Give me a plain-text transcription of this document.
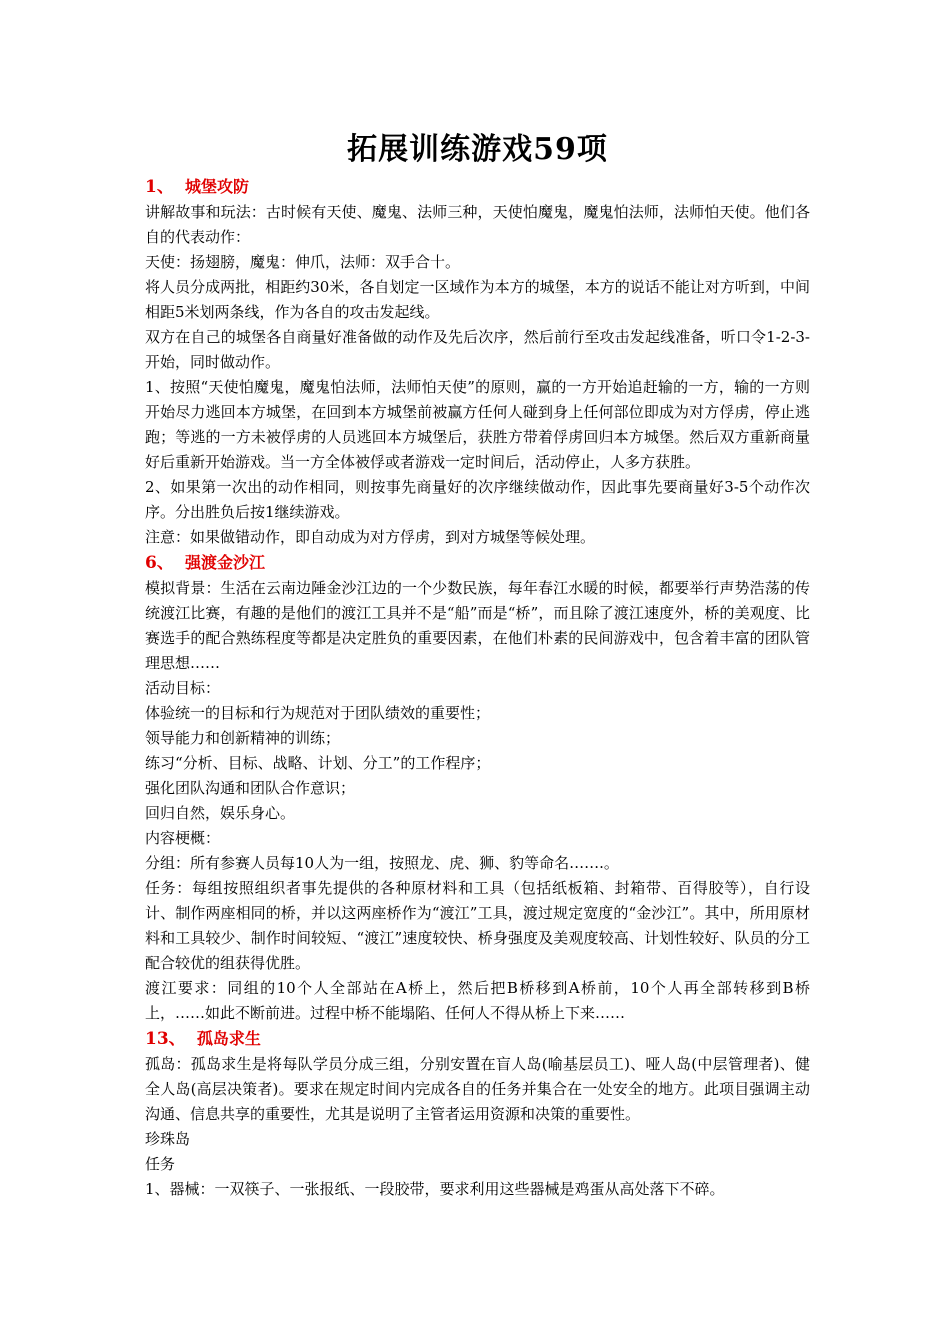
拓展训练游戏59项
1、 城堡攻防

讲解故事和玩法：古时候有天使、魔鬼、法师三种，天使怕魔鬼，魔鬼怕法师，法师怕天使。他们各自的代表动作：

天使：扬翅膀，魔鬼：伸爪，法师：双手合十。

将人员分成两批，相距约30米，各自划定一区域作为本方的城堡，本方的说话不能让对方听到，中间相距5米划两条线，作为各自的攻击发起线。

双方在自己的城堡各自商量好准备做的动作及先后次序，然后前行至攻击发起线准备，听口令1-2-3-开始，同时做动作。

1、按照“天使怕魔鬼，魔鬼怕法师，法师怕天使”的原则，赢的一方开始追赶输的一方，输的一方则开始尽力逃回本方城堡，在回到本方城堡前被赢方任何人碰到身上任何部位即成为对方俘虏，停止逃跑；等逃的一方未被俘虏的人员逃回本方城堡后，获胜方带着俘虏回归本方城堡。然后双方重新商量好后重新开始游戏。当一方全体被俘或者游戏一定时间后，活动停止，人多方获胜。

2、如果第一次出的动作相同，则按事先商量好的次序继续做动作，因此事先要商量好3-5个动作次序。分出胜负后按1继续游戏。

注意：如果做错动作，即自动成为对方俘虏，到对方城堡等候处理。

6、 强渡金沙江

模拟背景：生活在云南边陲金沙江边的一个少数民族，每年春江水暖的时候，都要举行声势浩荡的传统渡江比赛，有趣的是他们的渡江工具并不是“船”而是“桥”，而且除了渡江速度外，桥的美观度、比赛选手的配合熟练程度等都是决定胜负的重要因素，在他们朴素的民间游戏中，包含着丰富的团队管理思想……

活动目标：

体验统一的目标和行为规范对于团队绩效的重要性；

领导能力和创新精神的训练；

练习“分析、目标、战略、计划、分工”的工作程序；

强化团队沟通和团队合作意识；

回归自然，娱乐身心。

内容梗概：

分组：所有参赛人员每10人为一组，按照龙、虎、狮、豹等命名…….。

任务：每组按照组织者事先提供的各种原材料和工具（包括纸板箱、封箱带、百得胶等），自行设计、制作两座相同的桥，并以这两座桥作为“渡江”工具，渡过规定宽度的“金沙江”。其中，所用原材料和工具较少、制作时间较短、“渡江”速度较快、桥身强度及美观度较高、计划性较好、队员的分工配合较优的组获得优胜。

渡江要求：同组的10个人全部站在A桥上，然后把B桥移到A桥前，10个人再全部转移到B桥上，……如此不断前进。过程中桥不能塌陷、任何人不得从桥上下来……

13、 孤岛求生

孤岛：孤岛求生是将每队学员分成三组，分别安置在盲人岛(喻基层员工)、哑人岛(中层管理者)、健全人岛(高层决策者)。要求在规定时间内完成各自的任务并集合在一处安全的地方。此项目强调主动沟通、信息共享的重要性，尤其是说明了主管者运用资源和决策的重要性。

珍珠岛

任务

1、器械：一双筷子、一张报纸、一段胶带，要求利用这些器械是鸡蛋从高处落下不碎。
